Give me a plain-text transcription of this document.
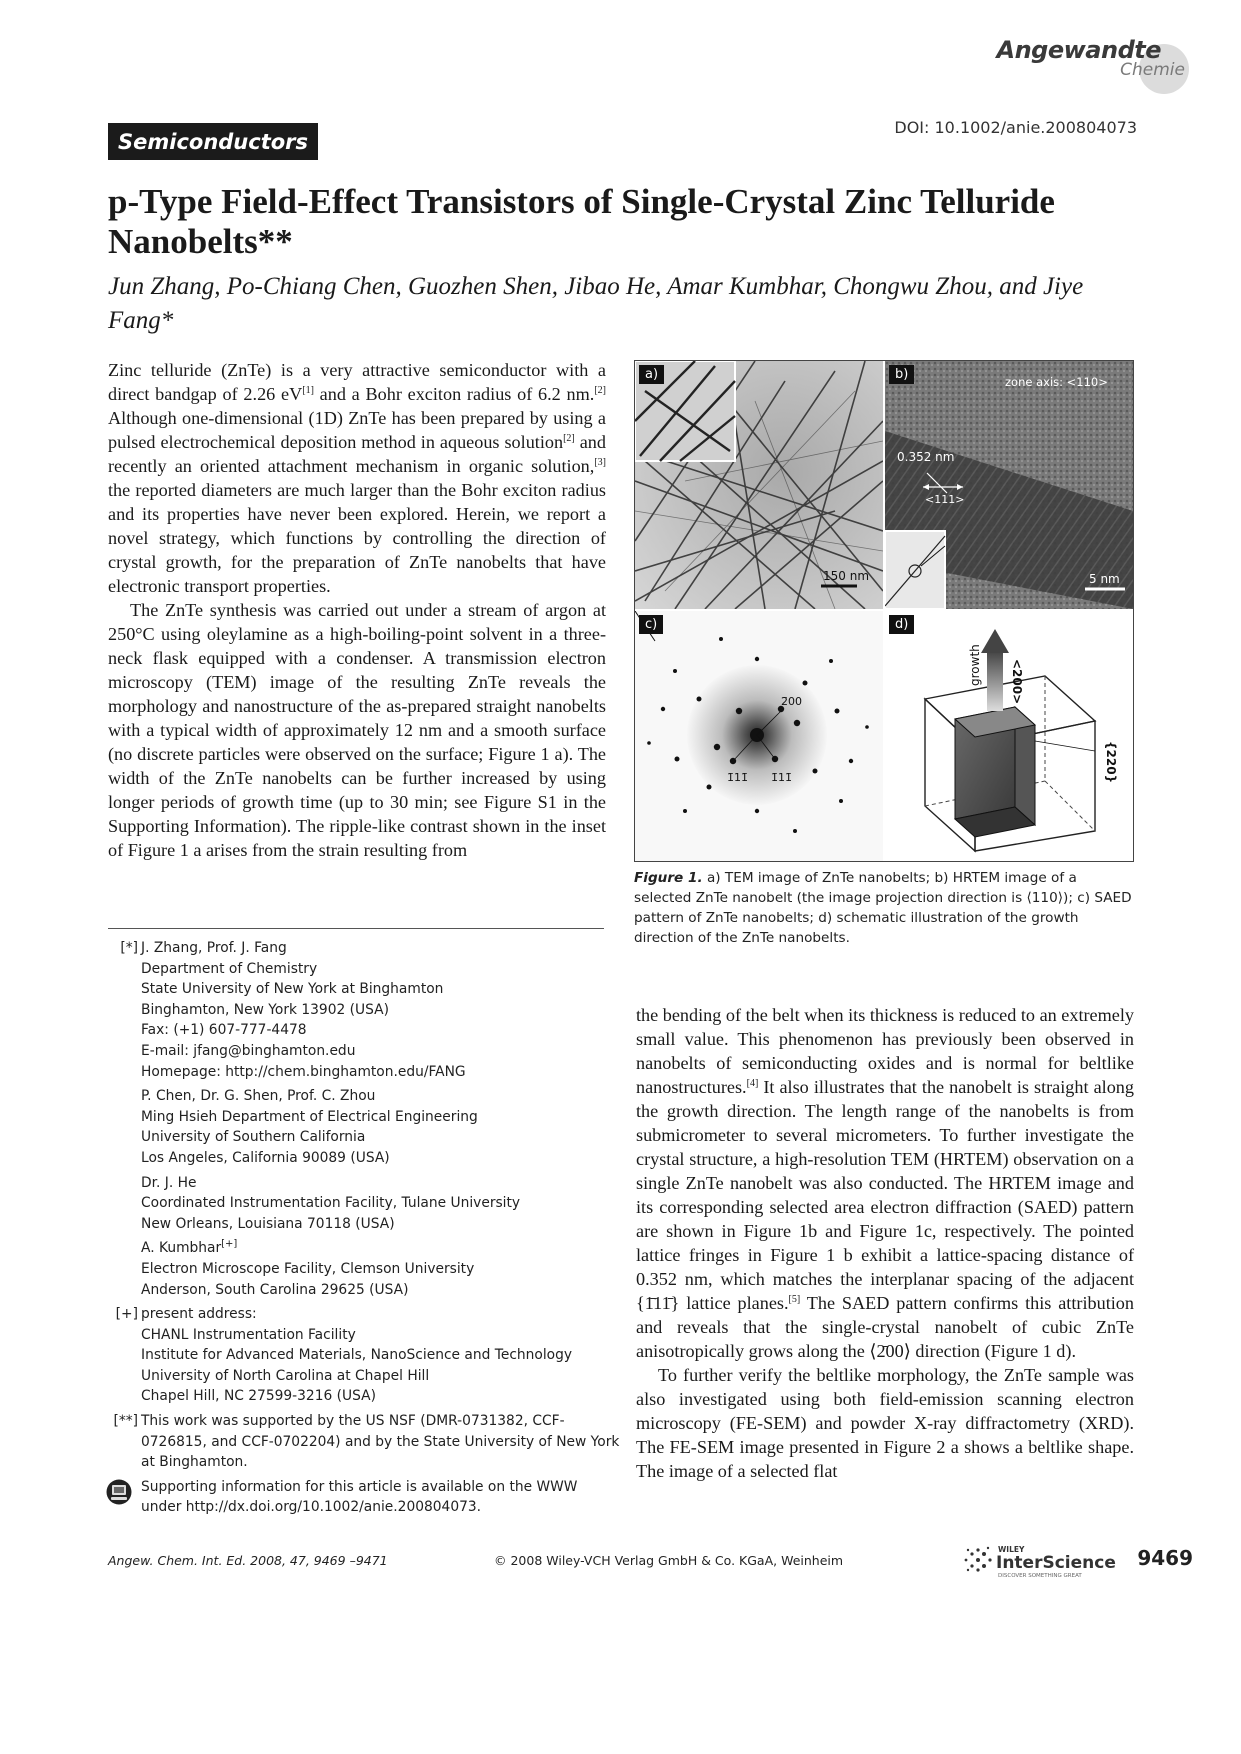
Angewandte
Chemie
DOI: 10.1002/anie.200804073
Semiconductors
p-Type Field-Effect Transistors of Single-Crystal Zinc Telluride Nanobelts**
Jun Zhang, Po-Chiang Chen, Guozhen Shen, Jibao He, Amar Kumbhar, Chongwu Zhou, and Jiye Fang*

Zinc telluride (ZnTe) is a very attractive semiconductor with a direct bandgap of 2.26 eV[1] and a Bohr exciton radius of 6.2 nm.[2] Although one-dimensional (1D) ZnTe has been prepared by using a pulsed electrochemical deposition method in aqueous solution[2] and recently an oriented attachment mechanism in organic solution,[3] the reported diameters are much larger than the Bohr exciton radius and its properties have never been explored. Herein, we report a novel strategy, which functions by controlling the direction of crystal growth, for the preparation of ZnTe nanobelts that have electronic transport properties.

The ZnTe synthesis was carried out under a stream of argon at 250°C using oleylamine as a high-boiling-point solvent in a three-neck flask equipped with a condenser. A transmission electron microscopy (TEM) image of the resulting ZnTe reveals the morphology and nanostructure of the as-prepared straight nanobelts with a typical width of approximately 12 nm and a smooth surface (no discrete particles were observed on the surface; Figure 1 a). The width of the ZnTe nanobelts can be further increased by using longer periods of growth time (up to 30 min; see Figure S1 in the Supporting Information). The ripple-like contrast shown in the inset of Figure 1 a arises from the strain resulting from

150 nm
a)	zone axis: <110>
0.352 nm
<111>
5 nm
b)
2̄00
1̄11̄ 1̄11̄
c)
growth <200>
{220}
d)
Figure 1. a) TEM image of ZnTe nanobelts; b) HRTEM image of a selected ZnTe nanobelt (the image projection direction is ⟨110⟩); c) SAED pattern of ZnTe nanobelts; d) schematic illustration of the growth direction of the ZnTe nanobelts.

the bending of the belt when its thickness is reduced to an extremely small value. This phenomenon has previously been observed in nanobelts of semiconducting oxides and is normal for beltlike nanostructures.[4] It also illustrates that the nanobelt is straight along the growth direction. The length range of the nanobelts is from submicrometer to several micrometers. To further investigate the crystal structure, a high-resolution TEM (HRTEM) observation on a single ZnTe nanobelt was also conducted. The HRTEM image and its corresponding selected area electron diffraction (SAED) pattern are shown in Figure 1b and Figure 1c, respectively. The pointed lattice fringes in Figure 1 b exhibit a lattice-spacing distance of 0.352 nm, which matches the interplanar spacing of the adjacent {1̄11̄} lattice planes.[5] The SAED pattern confirms this attribution and reveals that the single-crystal nanobelt of cubic ZnTe anisotropically grows along the ⟨2̄00⟩ direction (Figure 1 d).

To further verify the beltlike morphology, the ZnTe sample was also investigated using both field-emission scanning electron microscopy (FE-SEM) and powder X-ray diffractometry (XRD). The FE-SEM image presented in Figure 2 a shows a beltlike shape. The image of a selected flat

[*] J. Zhang, Prof. J. Fang
Department of Chemistry
State University of New York at Binghamton
Binghamton, New York 13902 (USA)
Fax: (+1) 607-777-4478
E-mail: jfang@binghamton.edu
Homepage: http://chem.binghamton.edu/FANG
P. Chen, Dr. G. Shen, Prof. C. Zhou
Ming Hsieh Department of Electrical Engineering
University of Southern California
Los Angeles, California 90089 (USA)
Dr. J. He
Coordinated Instrumentation Facility, Tulane University
New Orleans, Louisiana 70118 (USA)
A. Kumbhar[+]
Electron Microscope Facility, Clemson University
Anderson, South Carolina 29625 (USA)
[+] present address:
CHANL Instrumentation Facility
Institute for Advanced Materials, NanoScience and Technology
University of North Carolina at Chapel Hill
Chapel Hill, NC 27599-3216 (USA)
[**] This work was supported by the US NSF (DMR-0731382, CCF-
0726815, and CCF-0702204) and by the State University of New York
at Binghamton.
Supporting information for this article is available on the WWW
under http://dx.doi.org/10.1002/anie.200804073.
Angew. Chem. Int. Ed. 2008, 47, 9469 –9471	© 2008 Wiley-VCH Verlag GmbH & Co. KGaA, Weinheim
WILEY
InterScience
DISCOVER SOMETHING GREAT
9469
